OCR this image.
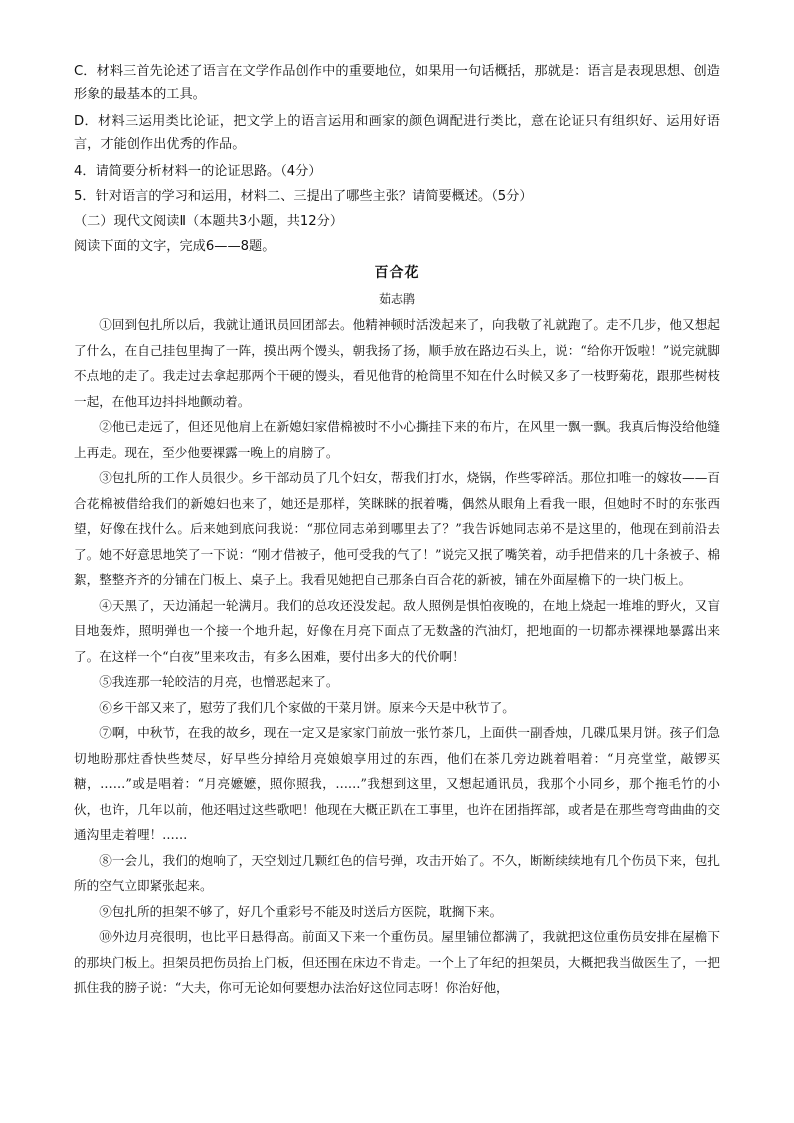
C．材料三首先论述了语言在文学作品创作中的重要地位，如果用一句话概括，那就是：语言是表现思想、创造形象的最基本的工具。
D．材料三运用类比论证，把文学上的语言运用和画家的颜色调配进行类比，意在论证只有组织好、运用好语言，才能创作出优秀的作品。
4．请简要分析材料一的论证思路。（4分）
5．针对语言的学习和运用，材料二、三提出了哪些主张？请简要概述。（5分）
（二）现代文阅读Ⅱ（本题共3小题，共12分）
阅读下面的文字，完成6——8题。
百合花
茹志鹃

①回到包扎所以后，我就让通讯员回团部去。他精神顿时活泼起来了，向我敬了礼就跑了。走不几步，他又想起了什么，在自己挂包里掏了一阵，摸出两个馒头，朝我扬了扬，顺手放在路边石头上，说：“给你开饭啦！”说完就脚不点地的走了。我走过去拿起那两个干硬的馒头，看见他背的枪筒里不知在什么时候又多了一枝野菊花，跟那些树枝一起，在他耳边抖抖地颤动着。

②他已走远了，但还见他肩上在新媳妇家借棉被时不小心撕挂下来的布片，在风里一飘一飘。我真后悔没给他缝上再走。现在，至少他要裸露一晚上的肩膀了。

③包扎所的工作人员很少。乡干部动员了几个妇女，帮我们打水，烧锅，作些零碎活。那位扣唯一的嫁妆——百合花棉被借给我们的新媳妇也来了，她还是那样，笑眯眯的抿着嘴，偶然从眼角上看我一眼，但她时不时的东张西望，好像在找什么。后来她到底问我说：“那位同志弟到哪里去了？”我告诉她同志弟不是这里的，他现在到前沿去了。她不好意思地笑了一下说：“刚才借被子，他可受我的气了！”说完又抿了嘴笑着，动手把借来的几十条被子、棉絮，整整齐齐的分铺在门板上、桌子上。我看见她把自己那条白百合花的新被，铺在外面屋檐下的一块门板上。

④天黑了，天边涌起一轮满月。我们的总攻还没发起。敌人照例是惧怕夜晚的，在地上烧起一堆堆的野火，又盲目地轰炸，照明弹也一个接一个地升起，好像在月亮下面点了无数盏的汽油灯，把地面的一切都赤裸裸地暴露出来了。在这样一个“白夜”里来攻击，有多么困难，要付出多大的代价啊！

⑤我连那一轮皎洁的月亮，也憎恶起来了。

⑥乡干部又来了，慰劳了我们几个家做的干菜月饼。原来今天是中秋节了。

⑦啊，中秋节，在我的故乡，现在一定又是家家门前放一张竹茶几，上面供一副香烛，几碟瓜果月饼。孩子们急切地盼那炷香快些焚尽，好早些分掉给月亮娘娘享用过的东西，他们在茶几旁边跳着唱着：“月亮堂堂，敲锣买糖，……”或是唱着：“月亮嬷嬷，照你照我，……”我想到这里，又想起通讯员，我那个小同乡，那个拖毛竹的小伙，也许，几年以前，他还唱过这些歌吧！他现在大概正趴在工事里，也许在团指挥部，或者是在那些弯弯曲曲的交通沟里走着哩！……

⑧一会儿，我们的炮响了，天空划过几颗红色的信号弹，攻击开始了。不久，断断续续地有几个伤员下来，包扎所的空气立即紧张起来。

⑨包扎所的担架不够了，好几个重彩号不能及时送后方医院，耽搁下来。

⑩外边月亮很明，也比平日悬得高。前面又下来一个重伤员。屋里铺位都满了，我就把这位重伤员安排在屋檐下的那块门板上。担架员把伤员抬上门板，但还围在床边不肯走。一个上了年纪的担架员，大概把我当做医生了，一把抓住我的膀子说：“大夫，你可无论如何要想办法治好这位同志呀！你治好他，
